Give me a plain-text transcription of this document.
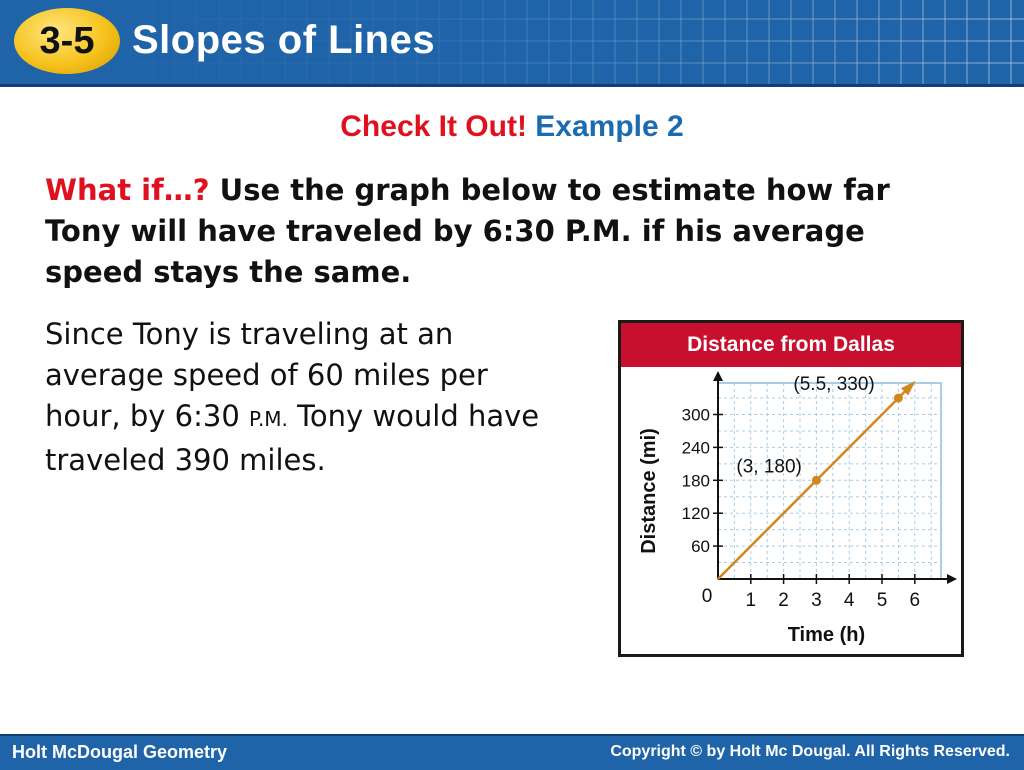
3-5 Slopes of Lines
Check It Out! Example 2
What if…? Use the graph below to estimate how far Tony will have traveled by 6:30 P.M. if his average speed stays the same.
Since Tony is traveling at an average speed of 60 miles per hour, by 6:30 P.M. Tony would have traveled 390 miles.
Distance from Dallas
1 2 3 4 5 6
0
60
120
180
240
300
Time (h)
Distance (mi)	(3, 180)
(5.5, 330)
Holt McDougal Geometry	Copyright © by Holt Mc Dougal. All Rights Reserved.
